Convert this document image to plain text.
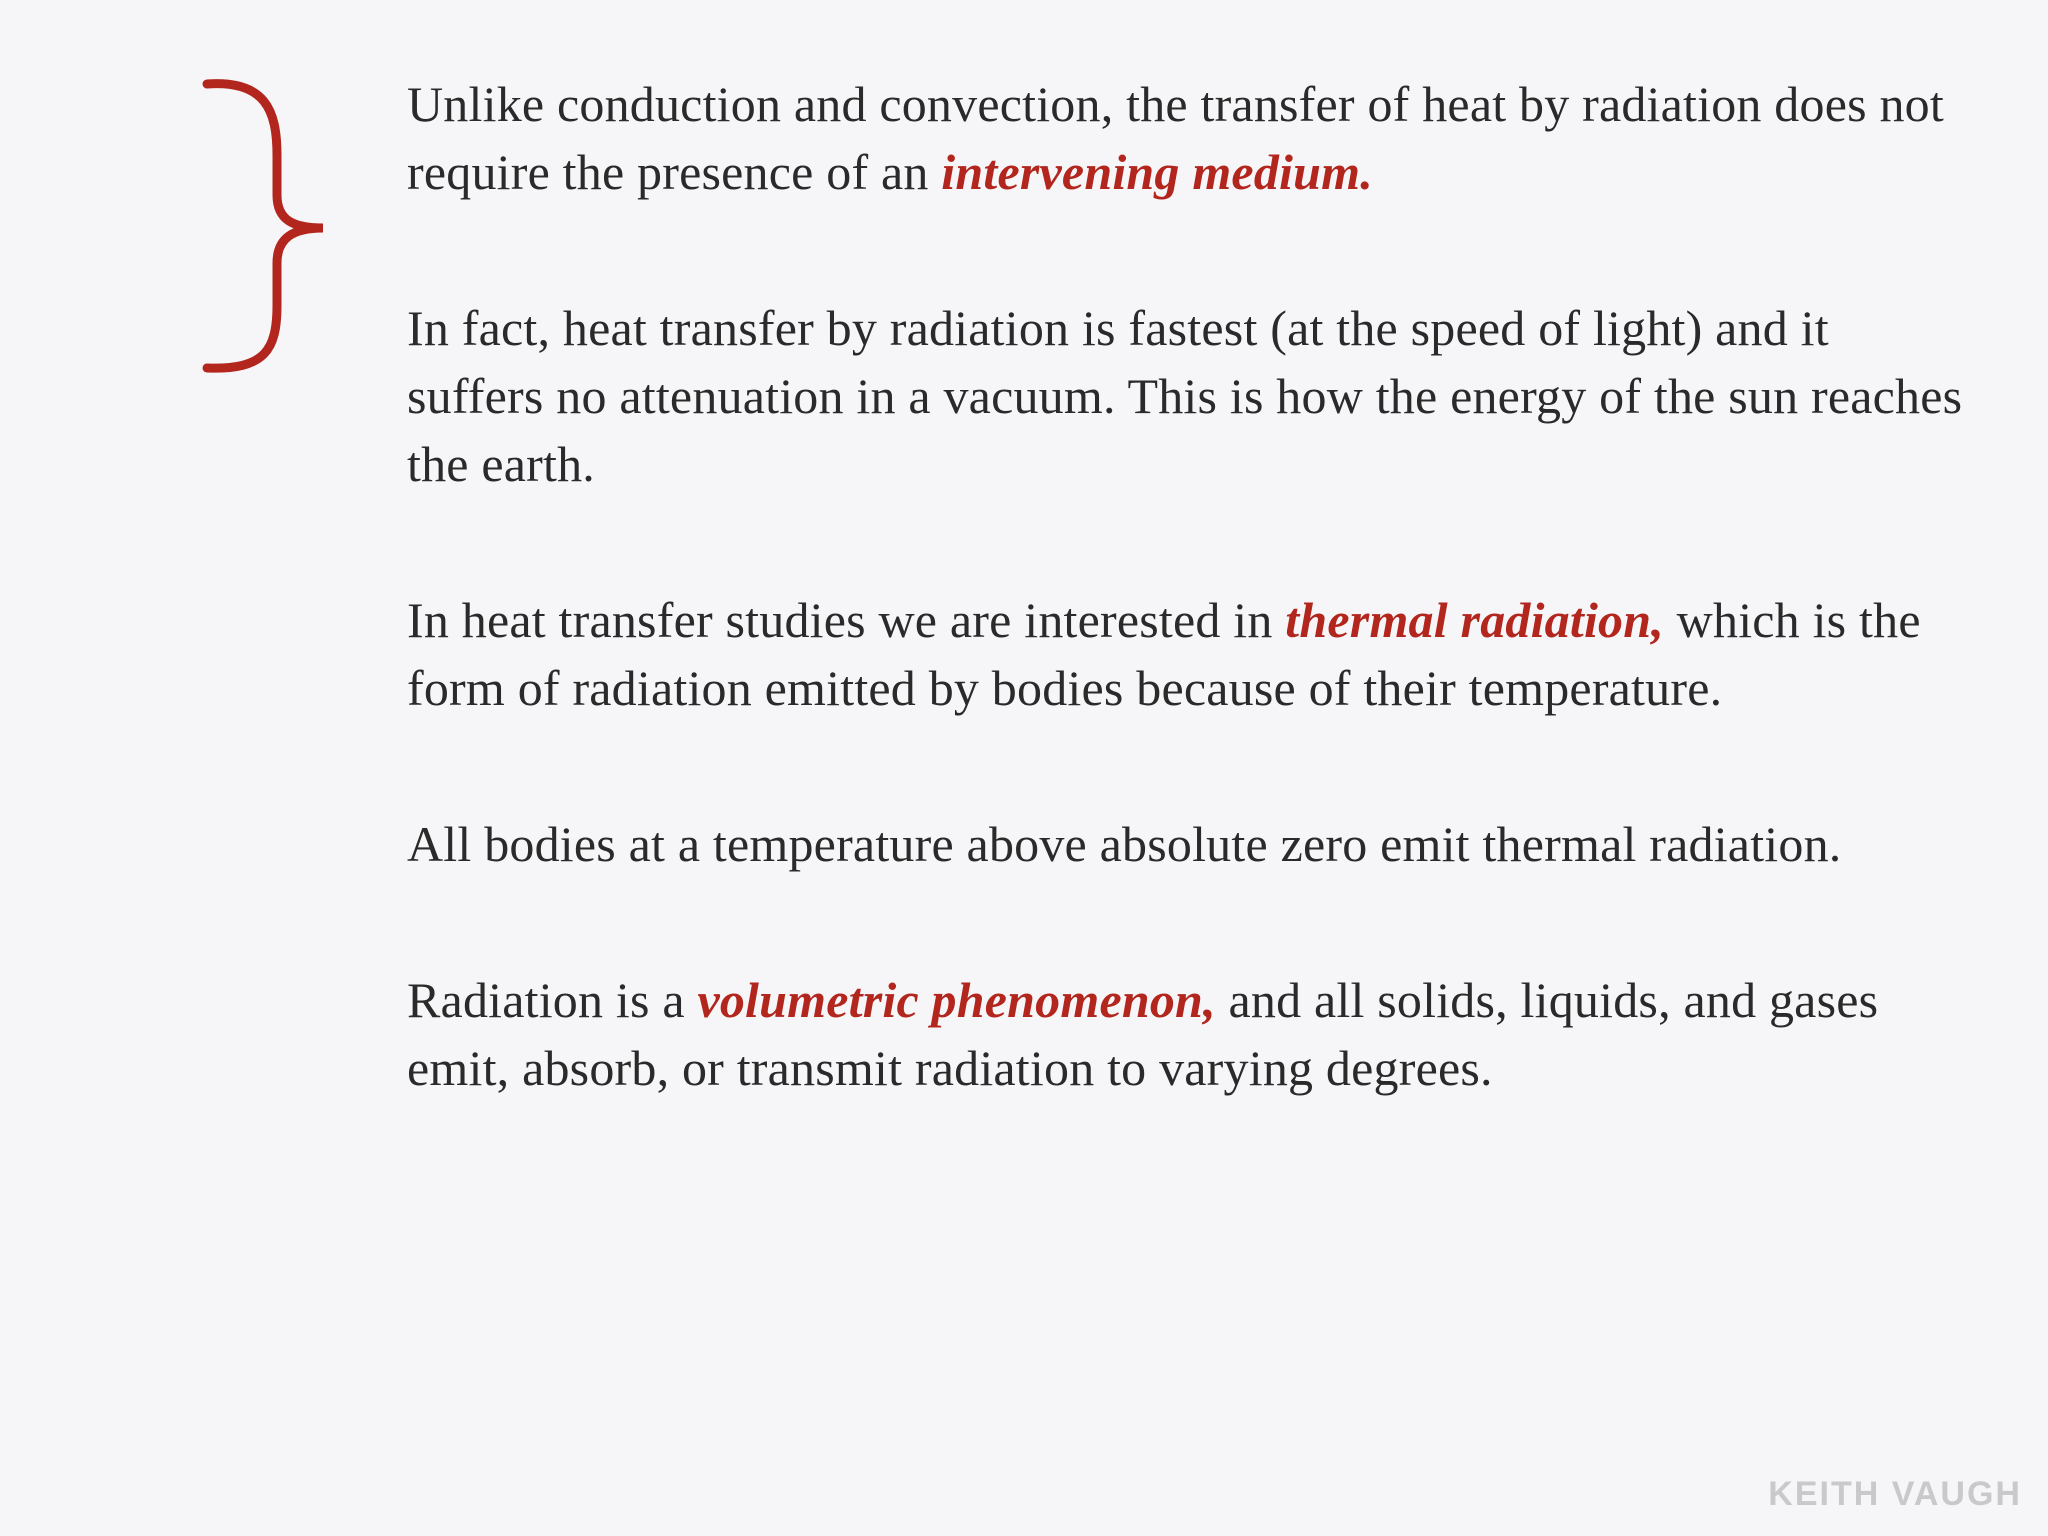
Unlike conduction and convection, the transfer of heat by radiation does not require the presence of an intervening medium.

In fact, heat transfer by radiation is fastest (at the speed of light) and it suffers no attenuation in a vacuum. This is how the energy of the sun reaches the earth.

In heat transfer studies we are interested in thermal radiation, which is the form of radiation emitted by bodies because of their temperature.

All bodies at a temperature above absolute zero emit thermal radiation.

Radiation is a volumetric phenomenon, and all solids, liquids, and gases emit, absorb, or transmit radiation to varying degrees.

KEITH VAUGH
